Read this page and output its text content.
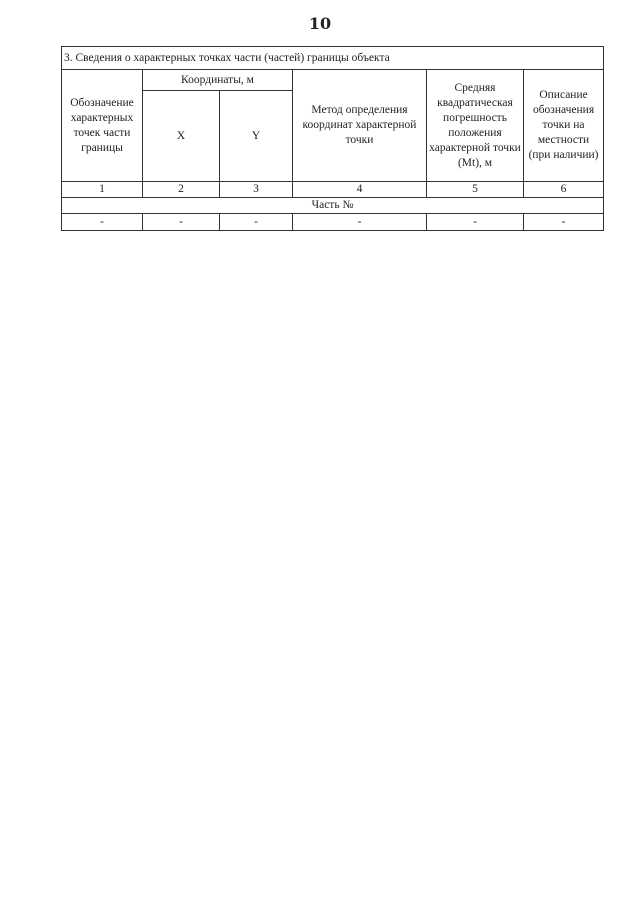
10
3. Сведения о характерных точках части (частей) границы объекта					
Обозначение характерных точек части границы	Координаты, м		Метод определения координат характерной точки	Средняя квадратическая погрешность положения характерной точки (Mt), м	Описание обозначения точки на местности (при наличии)
	X	Y			
1	2	3	4	5	6
Часть №					
-	-	-	-	-	-
